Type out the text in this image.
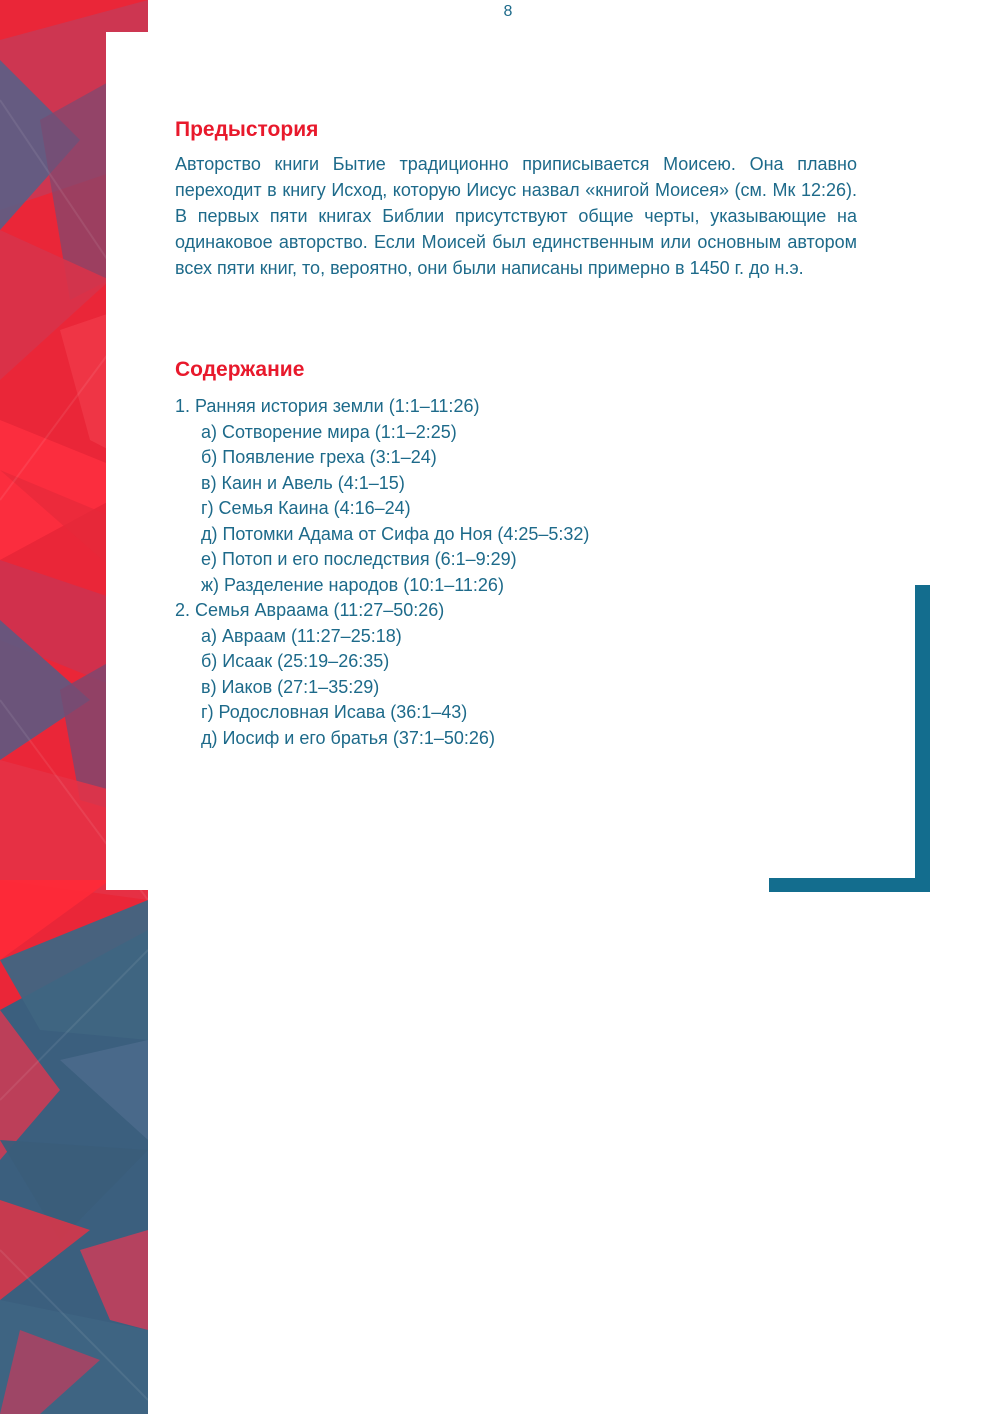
8
Предыстория

Авторство книги Бытие традиционно приписывается Моисею. Она плавно переходит в книгу Исход, которую Иисус назвал «книгой Моисея» (см. Мк 12:26). В первых пяти книгах Библии присутствуют общие черты, указывающие на одинаковое авторство. Если Моисей был единственным или основным автором всех пяти книг, то, вероятно, они были написаны примерно в 1450 г. до н.э.

Содержание
1. Ранняя история земли (1:1–11:26)
а) Сотворение мира (1:1–2:25)
б) Появление греха (3:1–24)
в) Каин и Авель (4:1–15)
г) Семья Каина (4:16–24)
д) Потомки Адама от Сифа до Ноя (4:25–5:32)
е) Потоп и его последствия (6:1–9:29)
ж) Разделение народов (10:1–11:26)
2. Семья Авраама (11:27–50:26)
а) Авраам (11:27–25:18)
б) Исаак (25:19–26:35)
в) Иаков (27:1–35:29)
г) Родословная Исава (36:1–43)
д) Иосиф и его братья (37:1–50:26)
